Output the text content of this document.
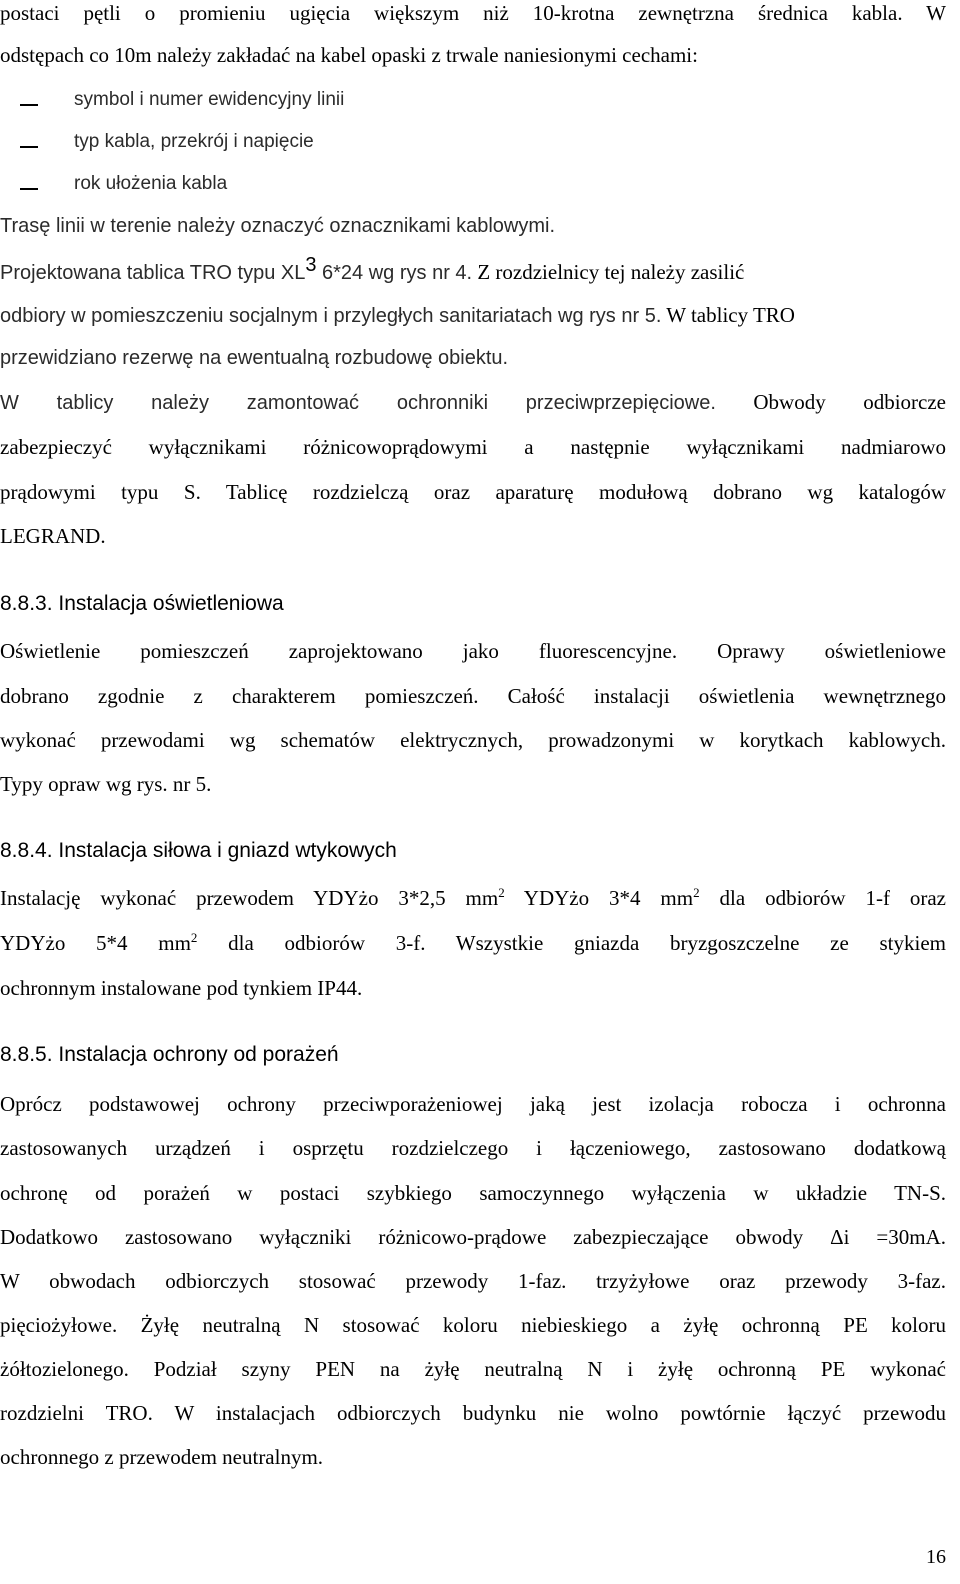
postaci pętli o promieniu ugięcia większym niż 10-krotna zewnętrzna średnica kabla. W
odstępach co 10m należy zakładać na kabel opaski z trwale naniesionymi cechami:
symbol i numer ewidencyjny linii
typ kabla, przekrój i napięcie
rok ułożenia kabla
Trasę linii w terenie należy oznaczyć oznacznikami kablowymi.
Projektowana tablica TRO typu $XL^3$ 6*24 wg rys nr 4. Z rozdzielnicy tej należy zasilić
odbiory w pomieszczeniu socjalnym i przyległych sanitariatach wg rys nr 5. W tablicy TRO
przewidziano rezerwę na ewentualną rozbudowę obiektu.
W tablicy należy zamontować ochronniki przeciwprzepięciowe. Obwody odbiorcze
zabezpieczyć wyłącznikami różnicowoprądowymi a następnie wyłącznikami nadmiarowo
prądowymi typu S. Tablicę rozdzielczą oraz aparaturę modułową dobrano wg katalogów
LEGRAND.
8.8.3. Instalacja oświetleniowa
Oświetlenie pomieszczeń zaprojektowano jako fluorescencyjne. Oprawy oświetleniowe
dobrano zgodnie z charakterem pomieszczeń. Całość instalacji oświetlenia wewnętrznego
wykonać przewodami wg schematów elektrycznych, prowadzonymi w korytkach kablowych.
Typy opraw wg rys. nr 5.
8.8.4. Instalacja siłowa i gniazd wtykowych
Instalację wykonać przewodem YDYżo 3*2,5 $mm^2$ YDYżo 3*4 $mm^2$ dla odbiorów 1-f oraz
YDYżo 5*4 $mm^2$ dla odbiorów 3-f. Wszystkie gniazda bryzgoszczelne ze stykiem
ochronnym instalowane pod tynkiem IP44.
8.8.5. Instalacja ochrony od porażeń
Oprócz podstawowej ochrony przeciwporażeniowej jaką jest izolacja robocza i ochronna
zastosowanych urządzeń i osprzętu rozdzielczego i łączeniowego, zastosowano dodatkową
ochronę od porażeń w postaci szybkiego samoczynnego wyłączenia w układzie TN-S.
Dodatkowo zastosowano wyłączniki różnicowo-prądowe zabezpieczające obwody Δi =30mA.
W obwodach odbiorczych stosować przewody 1-faz. trzyżyłowe oraz przewody 3-faz.
pięciożyłowe. Żyłę neutralną N stosować koloru niebieskiego a żyłę ochronną PE koloru
żółtozielonego. Podział szyny PEN na żyłę neutralną N i żyłę ochronną PE wykonać
rozdzielni TRO. W instalacjach odbiorczych budynku nie wolno powtórnie łączyć przewodu
ochronnego z przewodem neutralnym.
16
